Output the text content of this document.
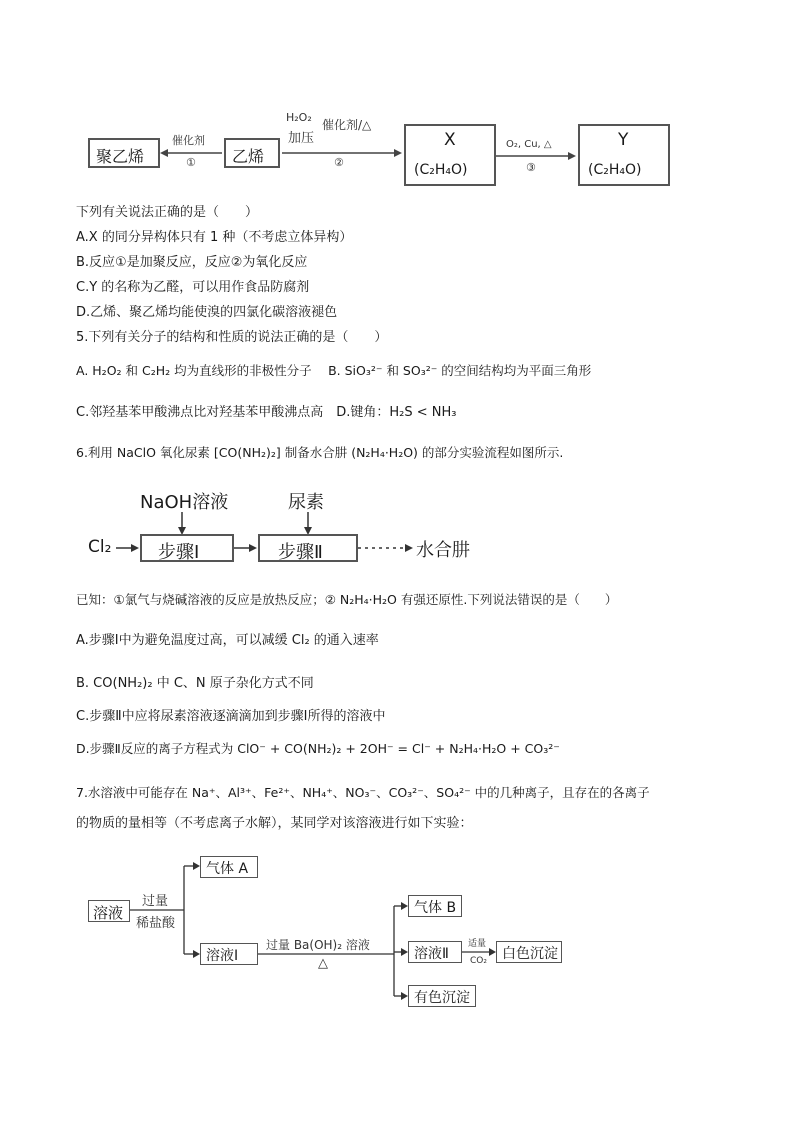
聚乙烯
催化剂
① 乙烯
H₂O₂
加压
催化剂/△
②
X
(C₂H₄O)
O₂, Cu, △
③
Y
(C₂H₄O)
下列有关说法正确的是（　　）
A.X 的同分异构体只有 1 种（不考虑立体异构）
B.反应①是加聚反应，反应②为氧化反应
C.Y 的名称为乙醛，可以用作食品防腐剂
D.乙烯、聚乙烯均能使溴的四氯化碳溶液褪色
5.下列有关分子的结构和性质的说法正确的是（　　）
A. H₂O₂ 和 C₂H₂ 均为直线形的非极性分子　 B. SiO₃²⁻ 和 SO₃²⁻ 的空间结构均为平面三角形
C.邻羟基苯甲酸沸点比对羟基苯甲酸沸点高　D.键角：H₂S < NH₃
6.利用 NaClO 氧化尿素 [CO(NH₂)₂] 制备水合肼 (N₂H₄·H₂O) 的部分实验流程如图所示.
NaOH溶液	尿素
Cl₂	步骤Ⅰ	步骤Ⅱ	水合肼
已知：①氯气与烧碱溶液的反应是放热反应；② N₂H₄·H₂O 有强还原性.下列说法错误的是（　　）
A.步骤Ⅰ中为避免温度过高，可以减缓 Cl₂ 的通入速率
B. CO(NH₂)₂ 中 C、N 原子杂化方式不同
C.步骤Ⅱ中应将尿素溶液逐滴滴加到步骤Ⅰ所得的溶液中
D.步骤Ⅱ反应的离子方程式为 ClO⁻ + CO(NH₂)₂ + 2OH⁻ = Cl⁻ + N₂H₄·H₂O + CO₃²⁻
7.水溶液中可能存在 Na⁺、Al³⁺、Fe²⁺、NH₄⁺、NO₃⁻、CO₃²⁻、SO₄²⁻ 中的几种离子，且存在的各离子
的物质的量相等（不考虑离子水解），某同学对该溶液进行如下实验：
溶液
过量
稀盐酸
气体 A
溶液Ⅰ
过量 Ba(OH)₂ 溶液
△
气体 B
溶液Ⅱ
适量
CO₂ 白色沉淀
有色沉淀
